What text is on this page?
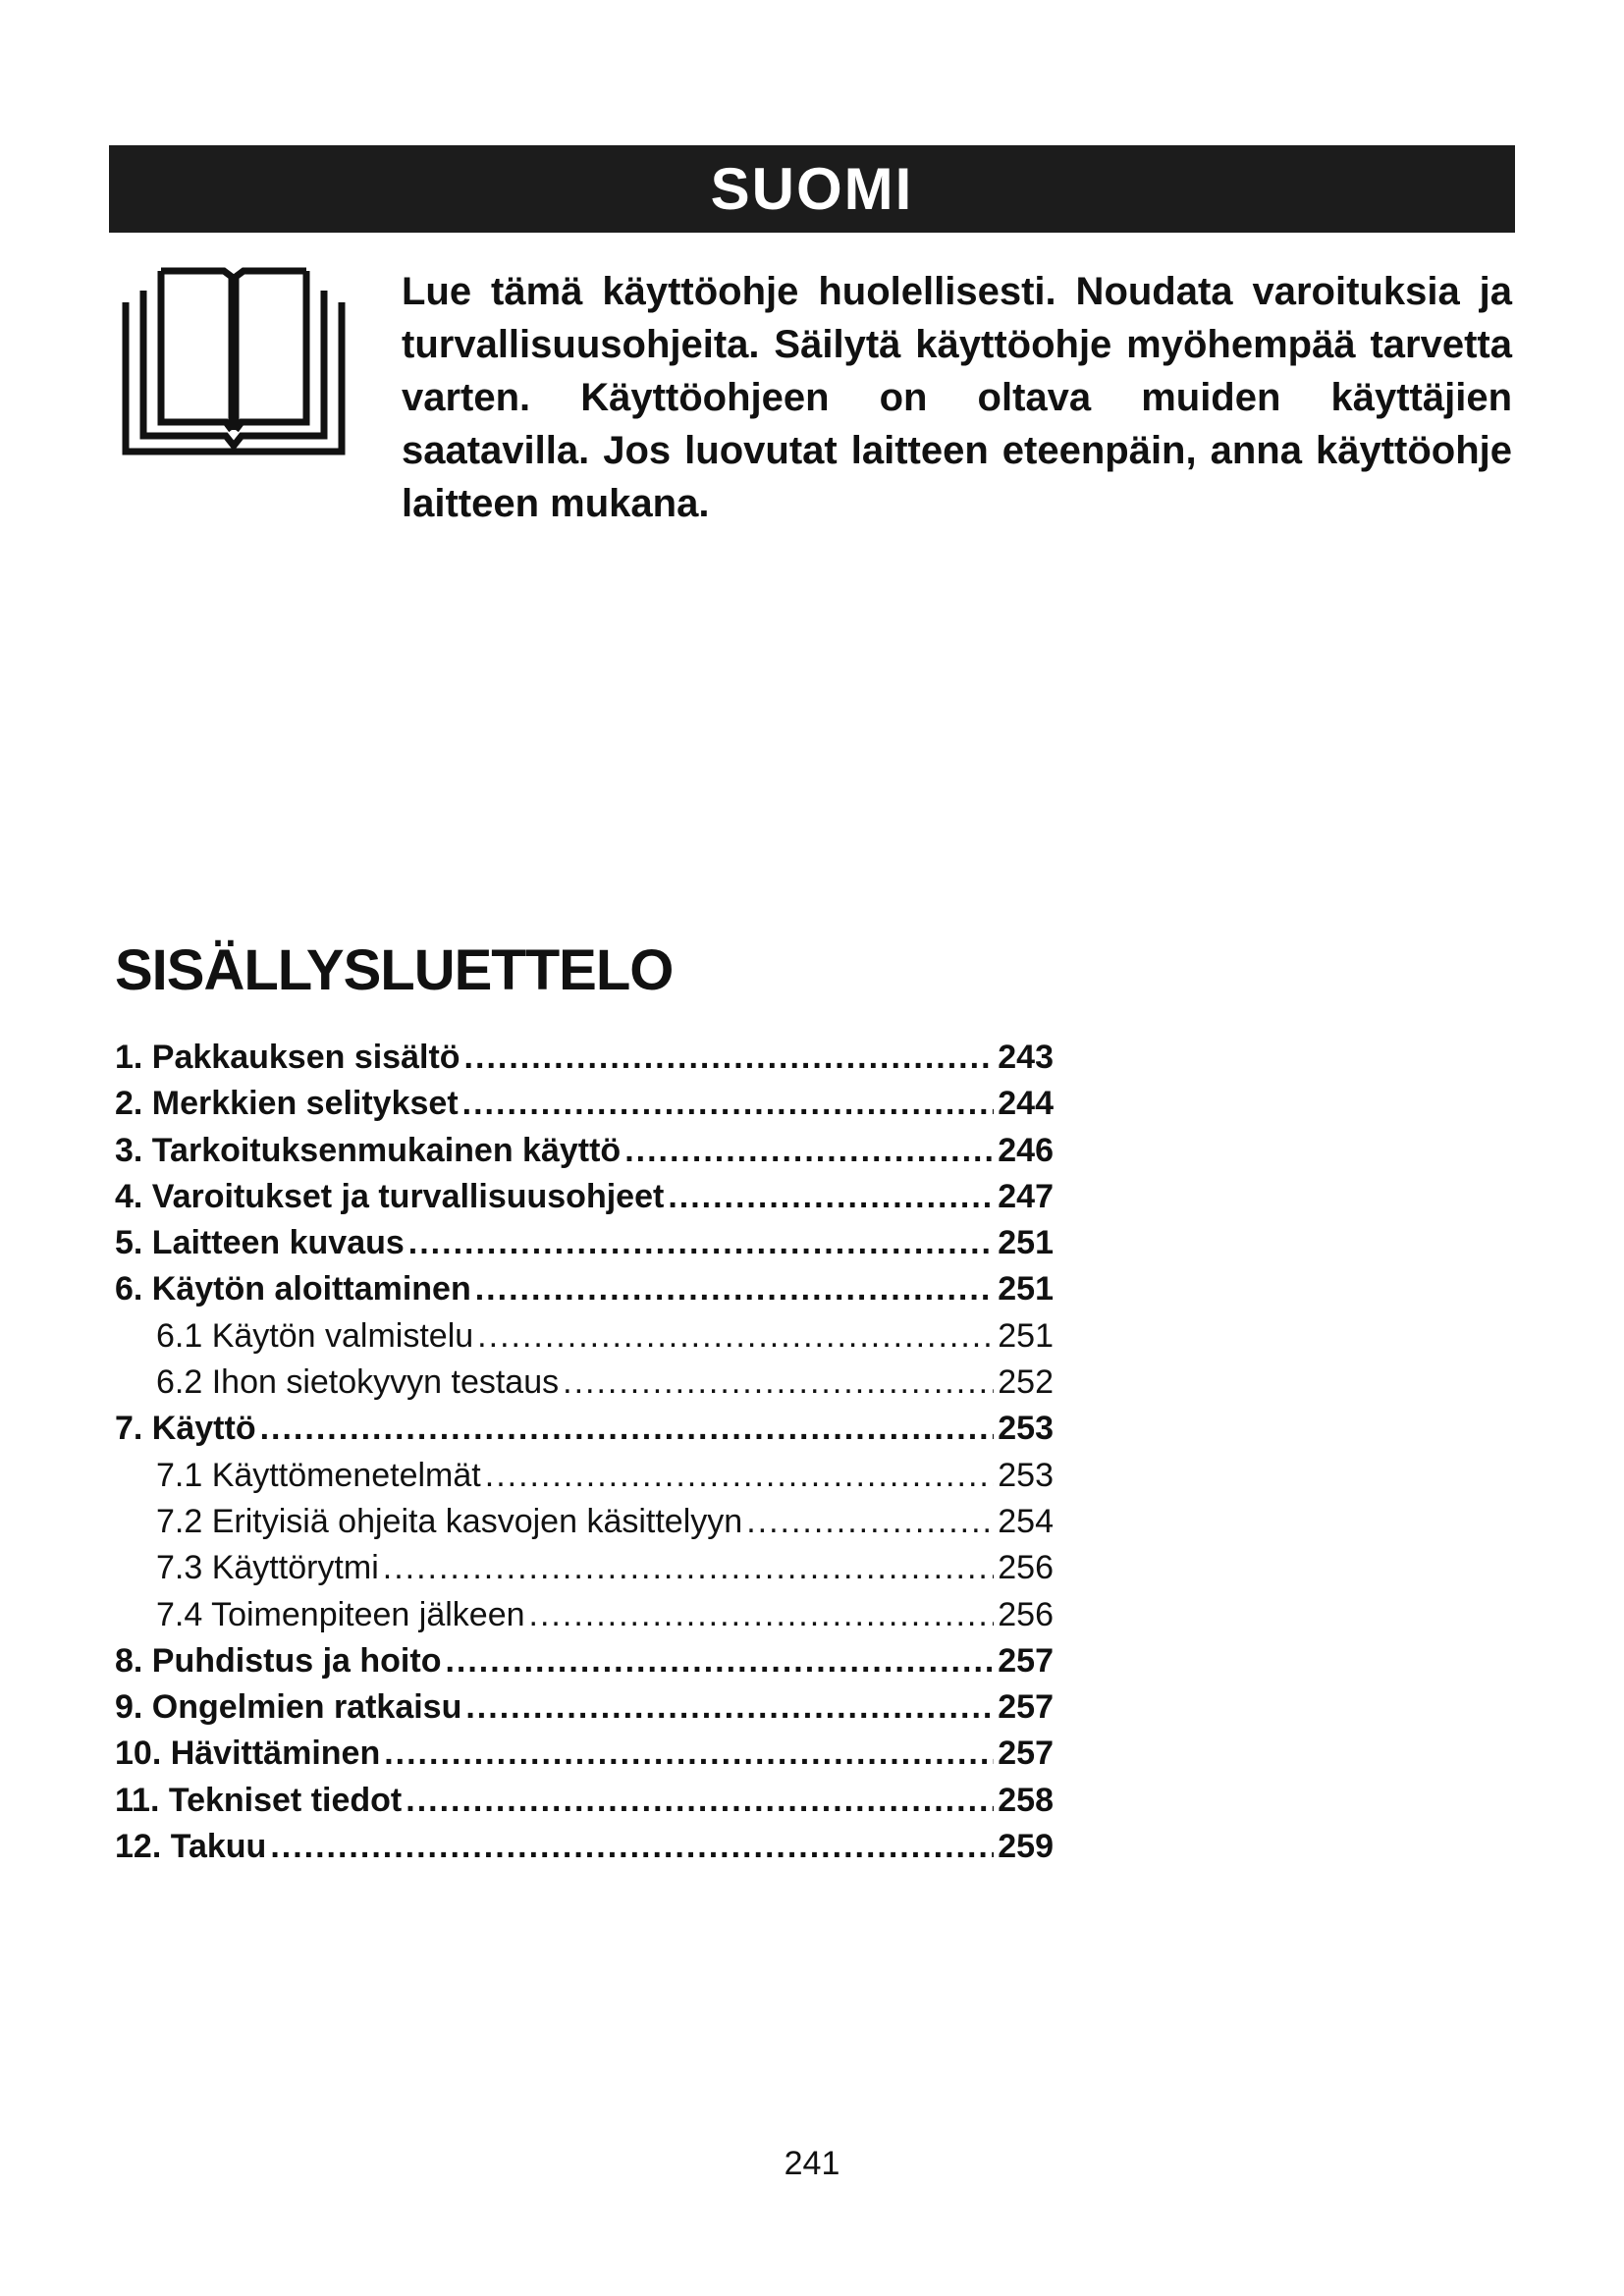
SUOMI
Lue tämä käyttöohje huolellisesti. Noudata varoituksia ja turvallisuusohjeita. Säilytä käyttöohje myöhempää tarvetta varten. Käyttöohjeen on oltava muiden käyttäjien saatavilla. Jos luovutat laitteen eteenpäin, anna käyttöohje laitteen mukana.
SISÄLLYSLUETTELO
1. Pakkauksen sisältö .....	243
2. Merkkien selitykset .....	244
3. Tarkoituksenmukainen käyttö .....	246
4. Varoitukset ja turvallisuusohjeet .....	247
5. Laitteen kuvaus .....	251
6. Käytön aloittaminen .....	251
6.1 Käytön valmistelu .....	251
6.2 Ihon sietokyvyn testaus .....	252
7. Käyttö .....	253
7.1 Käyttömenetelmät .....	253
7.2 Erityisiä ohjeita kasvojen käsittelyyn .....	254
7.3 Käyttörytmi .....	256
7.4 Toimenpiteen jälkeen .....	256
8. Puhdistus ja hoito .....	257
9. Ongelmien ratkaisu .....	257
10. Hävittäminen .....	257
11. Tekniset tiedot .....	258
12. Takuu .....	259
241
